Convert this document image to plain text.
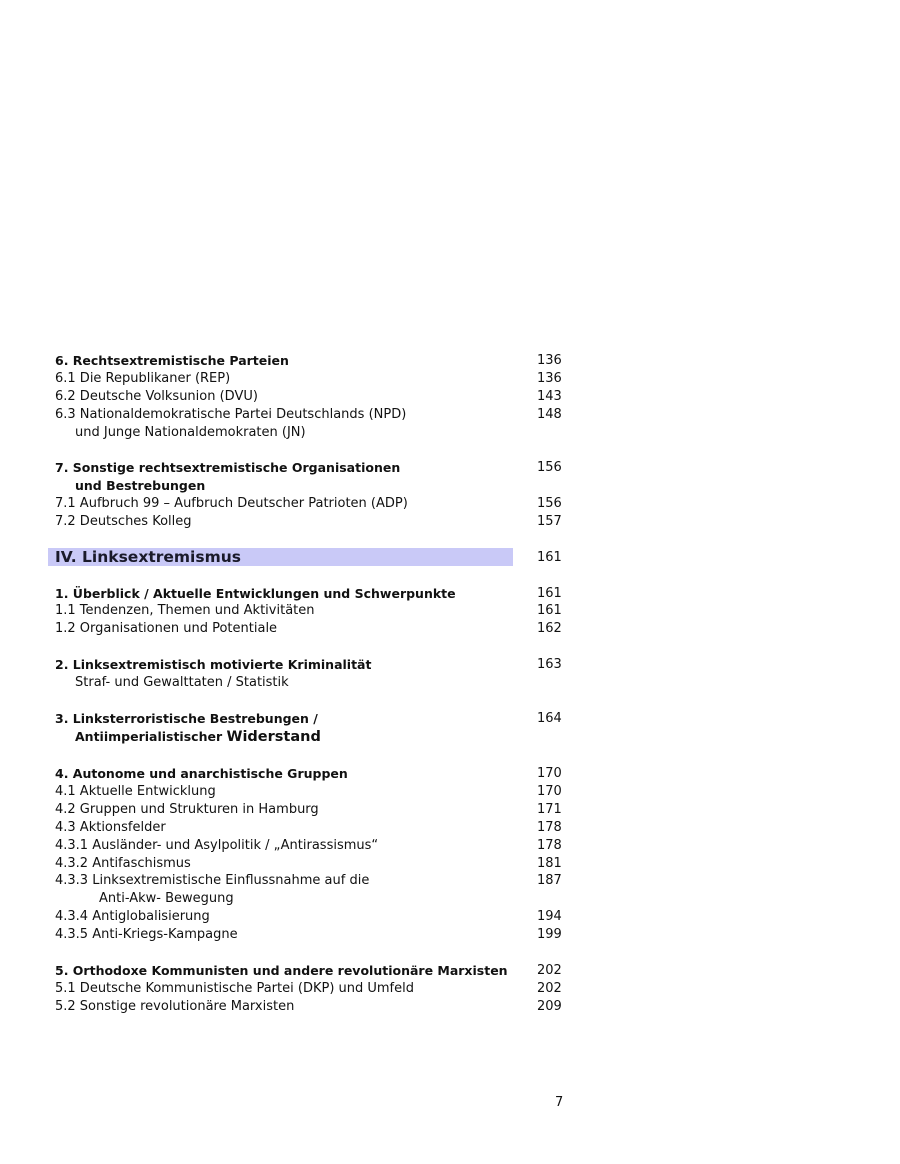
6. Rechtsextremistische Parteien	136
6.1 Die Republikaner (REP)	136
6.2 Deutsche Volksunion (DVU)	143
6.3 Nationaldemokratische Partei Deutschlands (NPD)	148
und Junge Nationaldemokraten (JN)
7. Sonstige rechtsextremistische Organisationen	156
und Bestrebungen
7.1 Aufbruch 99 – Aufbruch Deutscher Patrioten (ADP)	156
7.2 Deutsches Kolleg	157
IV. Linksextremismus	161
1. Überblick / Aktuelle Entwicklungen und Schwerpunkte	161
1.1 Tendenzen, Themen und Aktivitäten	161
1.2 Organisationen und Potentiale	162
2. Linksextremistisch motivierte Kriminalität	163
Straf- und Gewalttaten / Statistik
3. Linksterroristische Bestrebungen /	164
Antiimperialistischer Widerstand
4. Autonome und anarchistische Gruppen	170
4.1 Aktuelle Entwicklung	170
4.2 Gruppen und Strukturen in Hamburg	171
4.3 Aktionsfelder	178
4.3.1 Ausländer- und Asylpolitik / „Antirassismus“	178
4.3.2 Antifaschismus	181
4.3.3 Linksextremistische Einflussnahme auf die	187
Anti-Akw- Bewegung
4.3.4 Antiglobalisierung	194
4.3.5 Anti-Kriegs-Kampagne	199
5. Orthodoxe Kommunisten und andere revolutionäre Marxisten 202
5.1 Deutsche Kommunistische Partei (DKP) und Umfeld	202
5.2 Sonstige revolutionäre Marxisten	209
7
